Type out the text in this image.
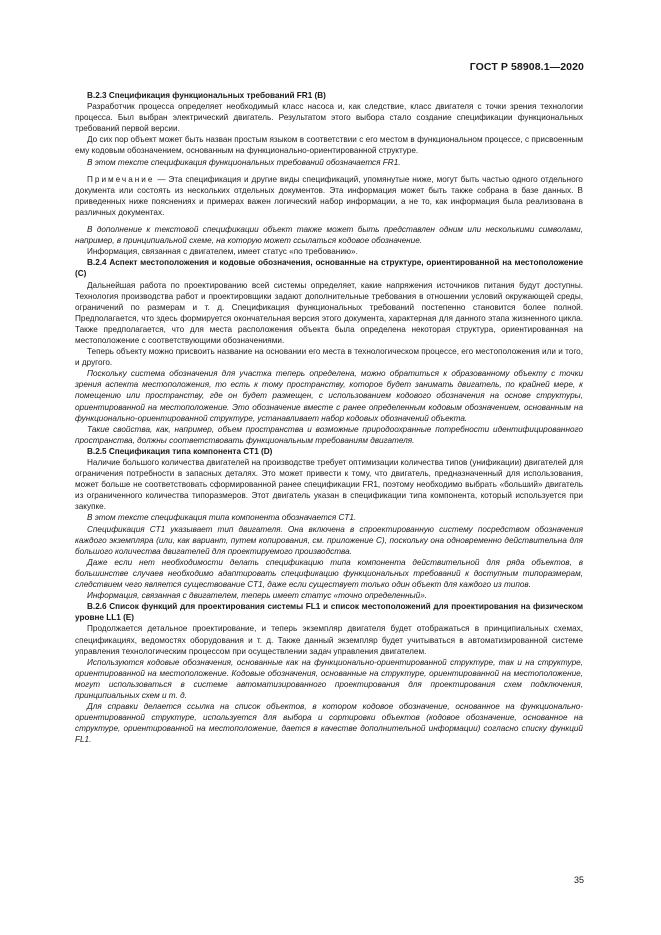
ГОСТ Р 58908.1—2020

В.2.3 Спецификация функциональных требований FR1 (B)

Разработчик процесса определяет необходимый класс насоса и, как следствие, класс двигателя с точки зрения технологии процесса. Был выбран электрический двигатель. Результатом этого выбора стало создание спецификации функциональных требований первой версии.

До сих пор объект может быть назван простым языком в соответствии с его местом в функциональном процессе, с присвоенным ему кодовым обозначением, основанным на функционально-ориентированной структуре.

В этом тексте спецификация функциональных требований обозначается FR1.

Примечание — Эта спецификация и другие виды спецификаций, упомянутые ниже, могут быть частью одного отдельного документа или состоять из нескольких отдельных документов. Эта информация может быть также собрана в базе данных. В приведенных ниже пояснениях и примерах важен логический набор информации, а не то, как информация была реализована в различных документах.

В дополнение к текстовой спецификации объект также может быть представлен одним или несколькими символами, например, в принципиальной схеме, на которую может ссылаться кодовое обозначение.

Информация, связанная с двигателем, имеет статус «по требованию».

В.2.4 Аспект местоположения и кодовые обозначения, основанные на структуре, ориентированной на местоположение (C)

Дальнейшая работа по проектированию всей системы определяет, какие напряжения источников питания будут доступны. Технология производства работ и проектировщики задают дополнительные требования в отношении условий окружающей среды, ограничений по размерам и т. д. Спецификация функциональных требований постепенно становится более полной. Предполагается, что здесь формируется окончательная версия этого документа, характерная для данного этапа жизненного цикла. Также предполагается, что для места расположения объекта была определена некоторая структура, ориентированная на местоположение с соответствующими обозначениями.

Теперь объекту можно присвоить название на основании его места в технологическом процессе, его местоположения или и того, и другого.

Поскольку система обозначения для участка теперь определена, можно обратиться к образованному объекту с точки зрения аспекта местоположения, то есть к тому пространству, которое будет занимать двигатель, по крайней мере, к помещению или пространству, где он будет размещен, с использованием кодового обозначения на основе структуры, ориентированной на местоположение. Это обозначение вместе с ранее определенным кодовым обозначением, основанным на функционально-ориентированной структуре, устанавливает набор кодовых обозначений объекта.

Такие свойства, как, например, объем пространства и возможные природоохранные потребности идентифицированного пространства, должны соответствовать функциональным требованиям двигателя.

В.2.5 Спецификация типа компонента CT1 (D)

Наличие большого количества двигателей на производстве требует оптимизации количества типов (унификации) двигателей для ограничения потребности в запасных деталях. Это может привести к тому, что двигатель, предназначенный для использования, может больше не соответствовать сформированной ранее спецификации FR1, поэтому необходимо выбрать «больший» двигатель из ограниченного количества типоразмеров. Этот двигатель указан в спецификации типа компонента, который используется при закупке.

В этом тексте спецификация типа компонента обозначается CT1.

Спецификация CT1 указывает тип двигателя. Она включена в спроектированную систему посредством обозначения каждого экземпляра (или, как вариант, путем копирования, см. приложение С), поскольку она одновременно действительна для большого количества двигателей для проектируемого производства.

Даже если нет необходимости делать спецификацию типа компонента действительной для ряда объектов, в большинстве случаев необходимо адаптировать спецификацию функциональных требований к доступным типоразмерам, следствием чего является существование CT1, даже если существует только один объект для каждого из типов.

Информация, связанная с двигателем, теперь имеет статус «точно определенный».

В.2.6 Список функций для проектирования системы FL1 и список местоположений для проектирования на физическом уровне LL1 (E)

Продолжается детальное проектирование, и теперь экземпляр двигателя будет отображаться в принципиальных схемах, спецификациях, ведомостях оборудования и т. д. Также данный экземпляр будет учитываться в автоматизированной системе управления технологическим процессом при осуществлении задач управления двигателем.

Используются кодовые обозначения, основанные как на функционально-ориентированной структуре, так и на структуре, ориентированной на местоположение. Кодовые обозначения, основанные на структуре, ориентированной на местоположение, могут использоваться в системе автоматизированного проектирования для проектирования схем подключения, принципиальных схем и т. д.

Для справки делается ссылка на список объектов, в котором кодовое обозначение, основанное на функционально-ориентированной структуре, используется для выбора и сортировки объектов (кодовое обозначение, основанное на структуре, ориентированной на местоположение, дается в качестве дополнительной информации) согласно списку функций FL1.

35
